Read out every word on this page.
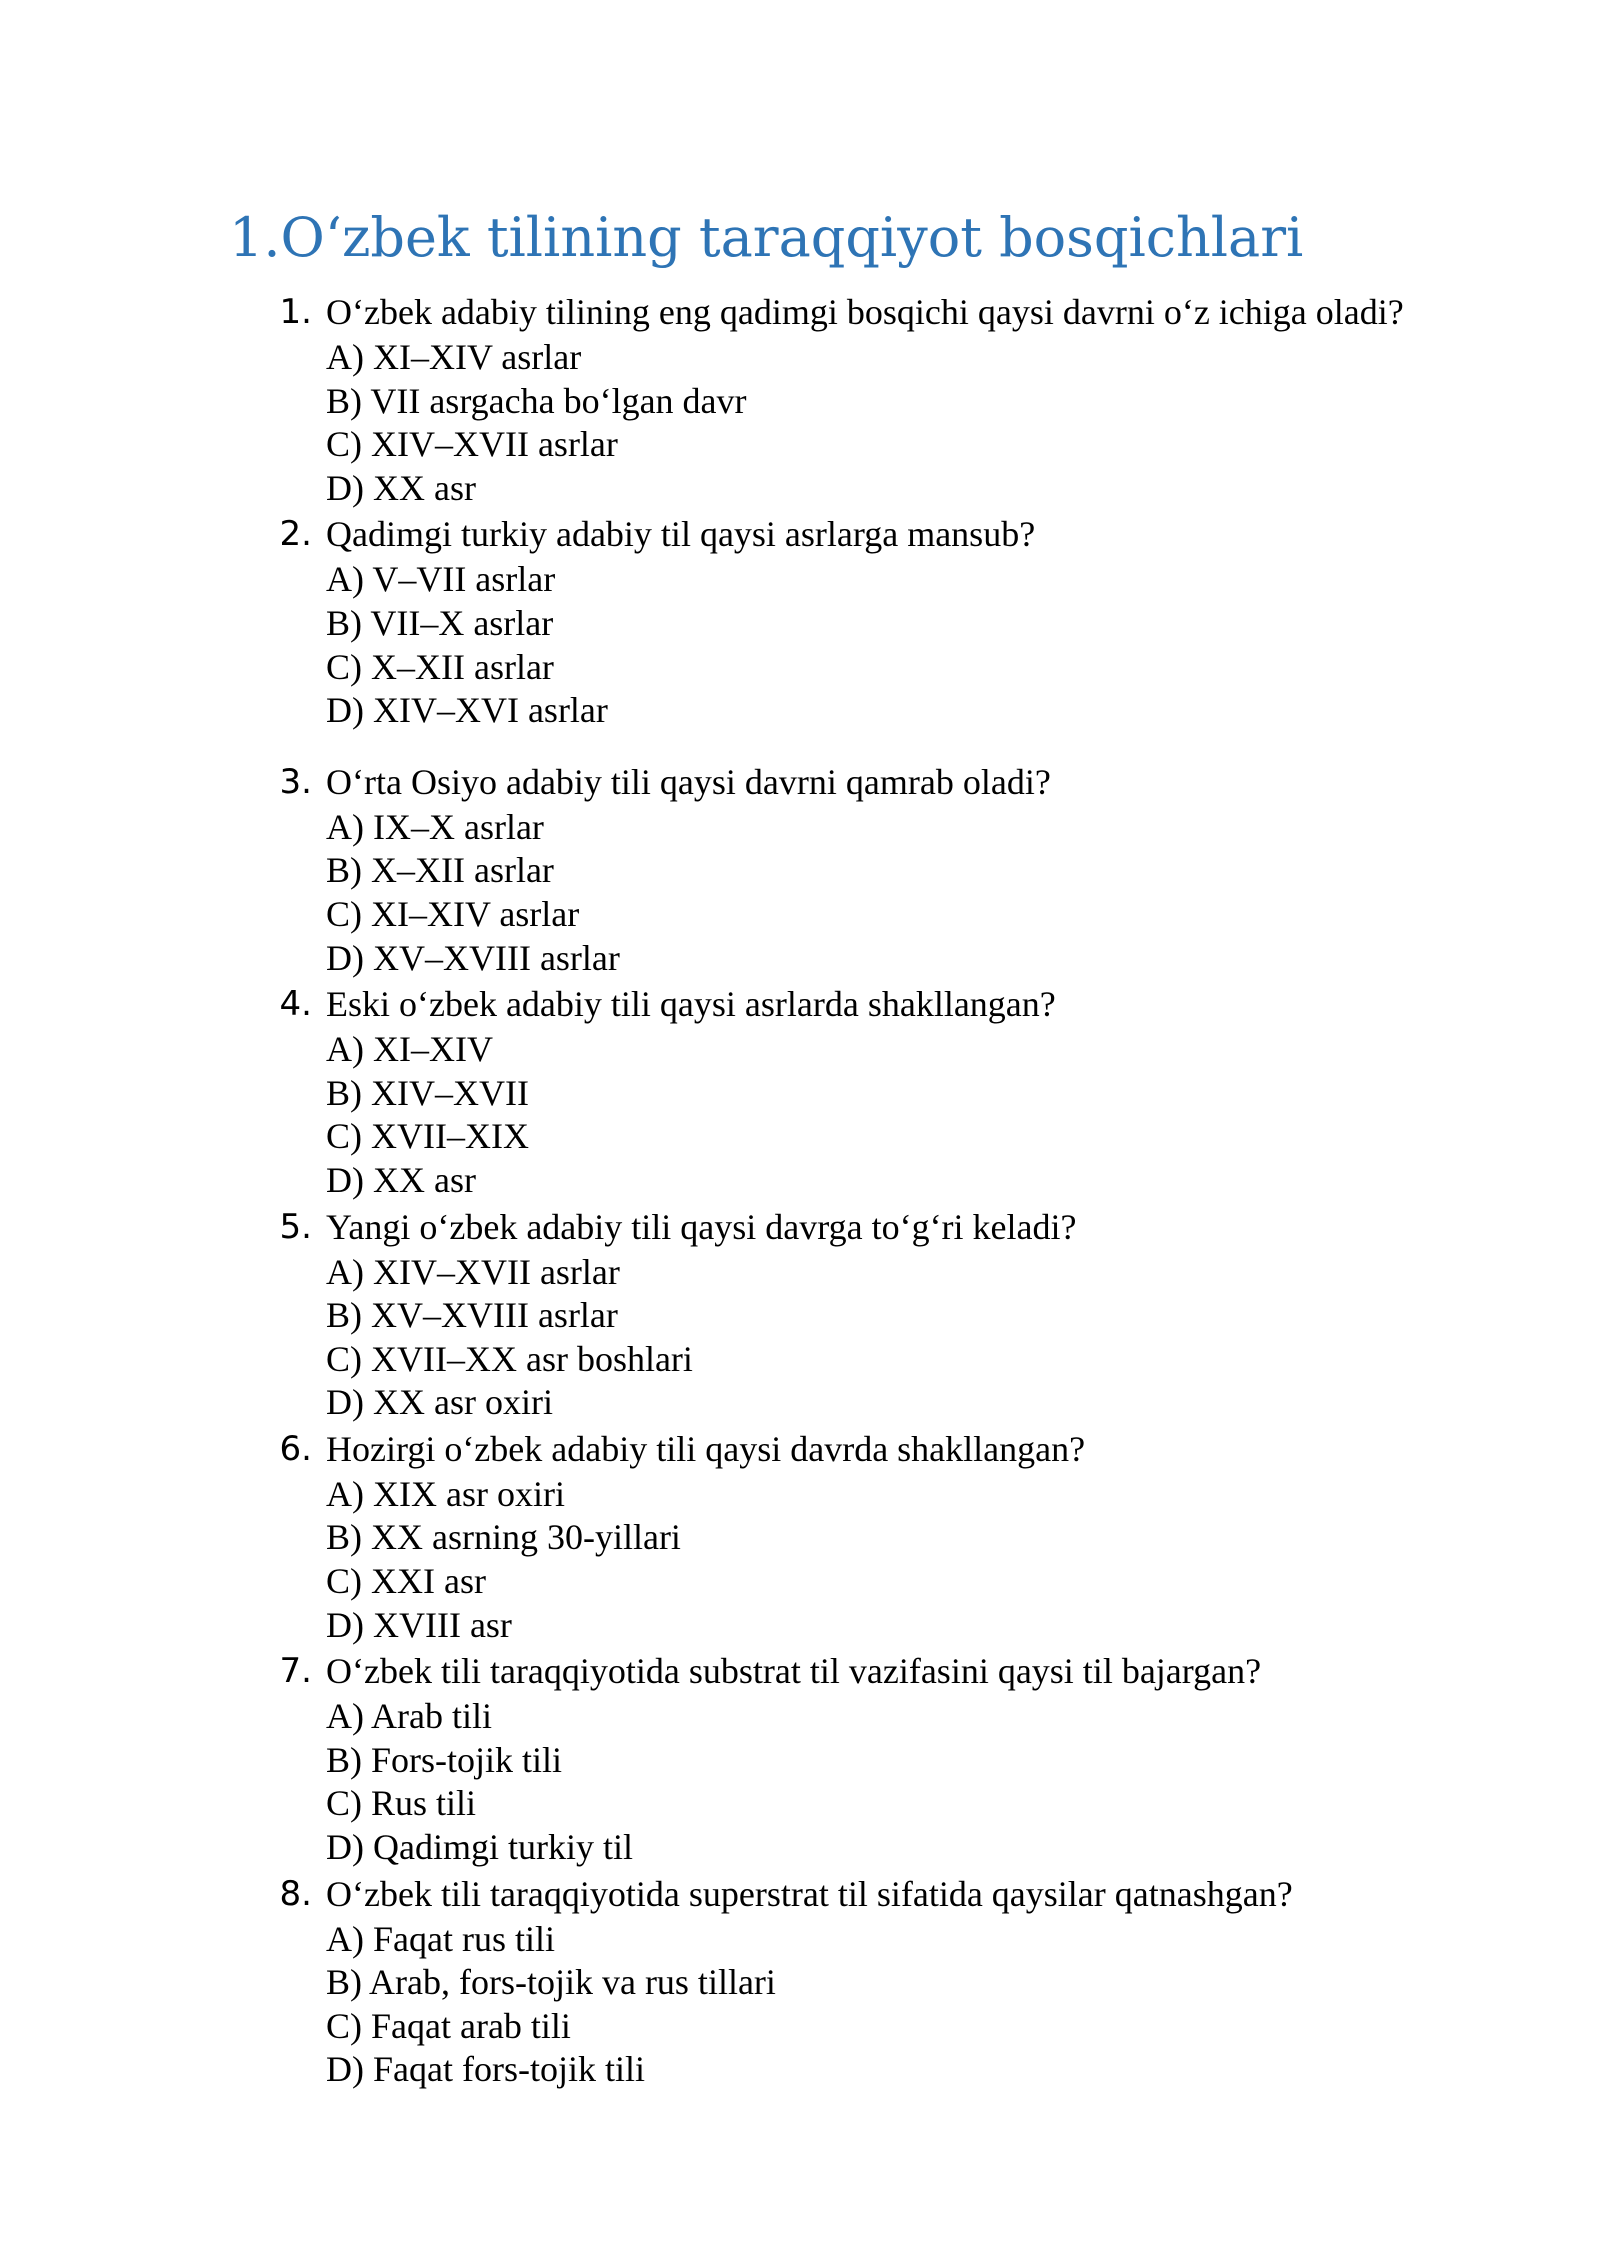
1.Oʻzbek tilining taraqqiyot bosqichlari
1. Oʻzbek adabiy tilining eng qadimgi bosqichi qaysi davrni oʻz ichiga oladi?
A) XI–XIV asrlar
B) VII asrgacha boʻlgan davr
C) XIV–XVII asrlar
D) XX asr
2. Qadimgi turkiy adabiy til qaysi asrlarga mansub?
A) V–VII asrlar
B) VII–X asrlar
C) X–XII asrlar
D) XIV–XVI asrlar
3. Oʻrta Osiyo adabiy tili qaysi davrni qamrab oladi?
A) IX–X asrlar
B) X–XII asrlar
C) XI–XIV asrlar
D) XV–XVIII asrlar
4. Eski oʻzbek adabiy tili qaysi asrlarda shakllangan?
A) XI–XIV
B) XIV–XVII
C) XVII–XIX
D) XX asr
5. Yangi oʻzbek adabiy tili qaysi davrga toʻgʻri keladi?
A) XIV–XVII asrlar
B) XV–XVIII asrlar
C) XVII–XX asr boshlari
D) XX asr oxiri
6. Hozirgi oʻzbek adabiy tili qaysi davrda shakllangan?
A) XIX asr oxiri
B) XX asrning 30-yillari
C) XXI asr
D) XVIII asr
7. Oʻzbek tili taraqqiyotida substrat til vazifasini qaysi til bajargan?
A) Arab tili
B) Fors-tojik tili
C) Rus tili
D) Qadimgi turkiy til
8. Oʻzbek tili taraqqiyotida superstrat til sifatida qaysilar qatnashgan?
A) Faqat rus tili
B) Arab, fors-tojik va rus tillari
C) Faqat arab tili
D) Faqat fors-tojik tili
